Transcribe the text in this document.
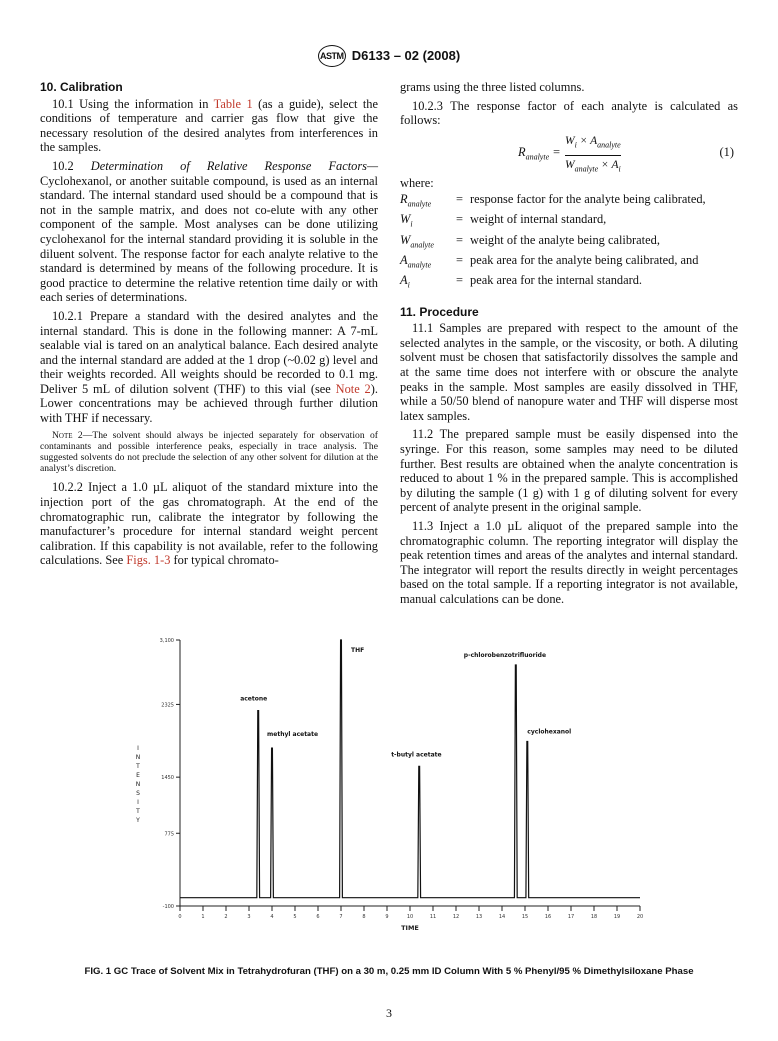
ASTM D6133 – 02 (2008)
10. Calibration

10.1 Using the information in Table 1 (as a guide), select the conditions of temperature and carrier gas flow that give the necessary resolution of the desired analytes from interferences in the samples.

10.2 Determination of Relative Response Factors—Cyclohexanol, or another suitable compound, is used as an internal standard. The internal standard used should be a compound that is not in the sample matrix, and does not co-elute with any other component of the sample. Most analyses can be done utilizing cyclohexanol for the internal standard providing it is soluble in the diluent solvent. The response factor for each analyte relative to the standard is determined by means of the following procedure. It is good practice to determine the relative retention time daily or with each series of determinations.

10.2.1 Prepare a standard with the desired analytes and the internal standard. This is done in the following manner: A 7-mL sealable vial is tared on an analytical balance. Each desired analyte and the internal standard are added at the 1 drop (~0.02 g) level and their weights recorded. All weights should be recorded to 0.1 mg. Deliver 5 mL of dilution solvent (THF) to this vial (see Note 2). Lower concentrations may be achieved through further dilution with THF if necessary.

Note 2—The solvent should always be injected separately for observation of contaminants and possible interference peaks, especially in trace analysis. The suggested solvents do not preclude the selection of any other solvent for dilution at the analyst’s discretion.

10.2.2 Inject a 1.0 µL aliquot of the standard mixture into the injection port of the gas chromatograph. At the end of the chromatographic run, calibrate the integrator by following the manufacturer’s procedure for internal standard weight percent calibration. If this capability is not available, refer to the following calculations. See Figs. 1-3 for typical chromato-

grams using the three listed columns.

10.2.3 The response factor of each analyte is calculated as follows:

$R_{analyte}$ =
$W_i \times A_{analyte}$
$W_{analyte} \times A_i$
(1)
where:
$R_{analyte}$	= response factor for the analyte being calibrated,
$W_i$	= weight of internal standard,
$W_{analyte}$	= weight of the analyte being calibrated,
$A_{analyte}$	= peak area for the analyte being calibrated, and
$A_i$	= peak area for the internal standard.
11. Procedure

11.1 Samples are prepared with respect to the amount of the selected analytes in the sample, or the viscosity, or both. A diluting solvent must be chosen that satisfactorily dissolves the sample and at the same time does not interfere with or obscure the analyte peaks in the sample. Most samples are easily dissolved in THF, while a 50/50 blend of nanopure water and THF will disperse most latex samples.

11.2 The prepared sample must be easily dispensed into the syringe. For this reason, some samples may need to be diluted further. Best results are obtained when the analyte concentration is reduced to about 1 % in the prepared sample. This is accomplished by diluting the sample (1 g) with 1 g of diluting solvent for every percent of analyte present in the original sample.

11.3 Inject a 1.0 µL aliquot of the prepared sample into the chromatographic column. The reporting integrator will display the peak retention times and areas of the analytes and internal standard. The integrator will report the results directly in weight percentages based on the total sample. If a reporting integrator is not available, manual calculations can be done.

-100
775
1450
2325
3,100
0	1	2	3	4	5	6	7	8	9	10	11	12	13	14	15	16	17	18	19	20
I
N
T
E
N
S
I
T
Y
TIME
acetone
methyl acetate
THF
t-butyl acetate
p-chlorobenzotrifluoride
cyclohexanol
FIG. 1 GC Trace of Solvent Mix in Tetrahydrofuran (THF) on a 30 m, 0.25 mm ID Column With 5 % Phenyl/95 % Dimethylsiloxane Phase
3
